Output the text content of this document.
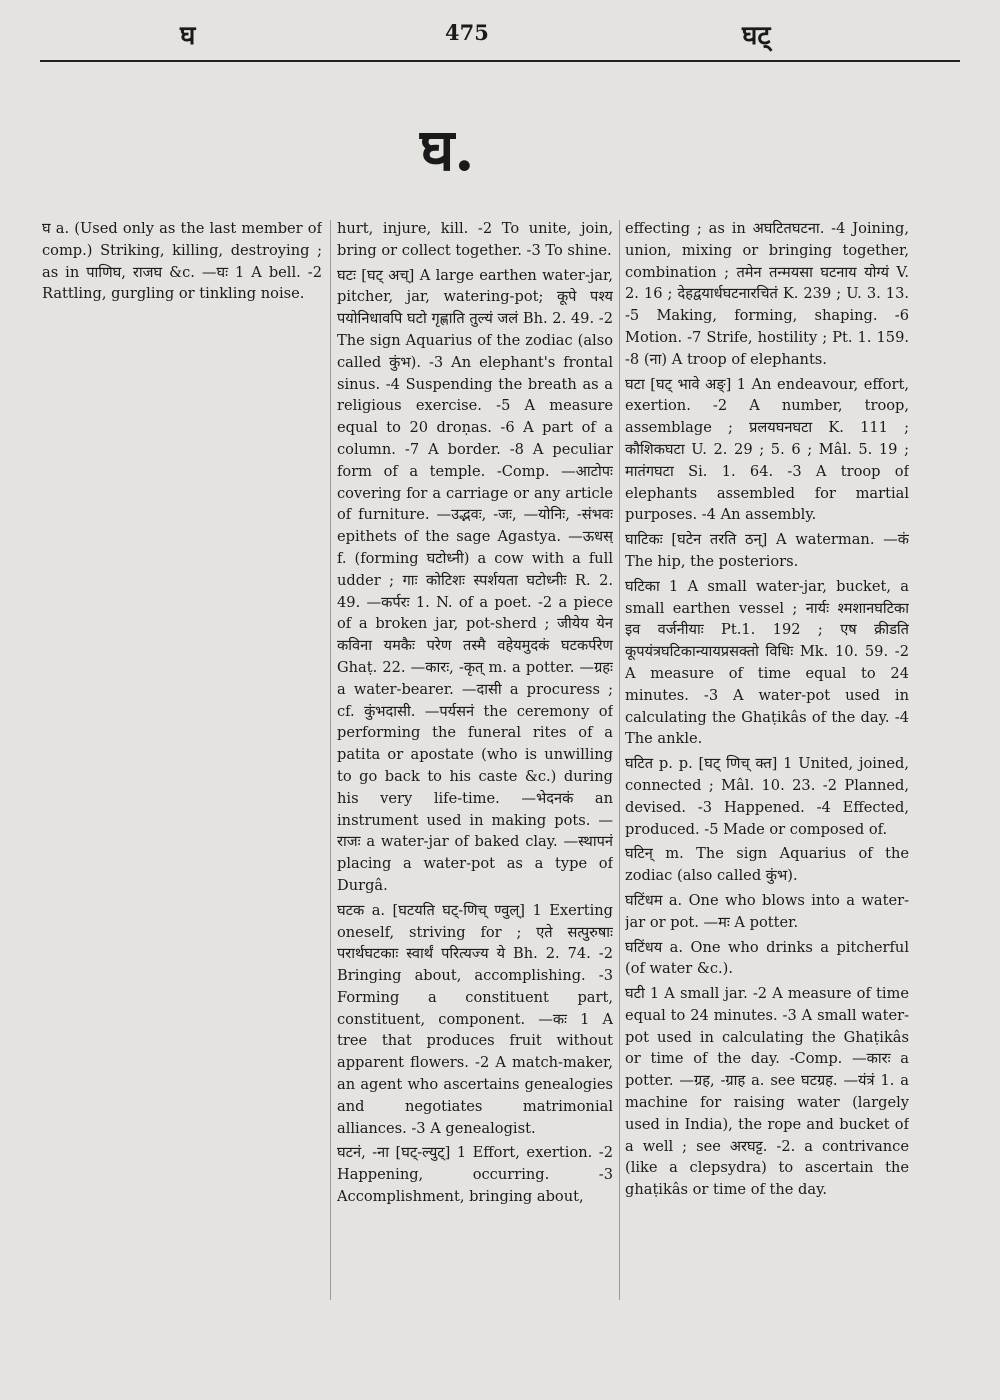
घ	475	घट्
घ.

घ a. (Used only as the last member of comp.) Striking, killing, destroying ; as in पाणिघ, राजघ &c. —घः 1 A bell. -2 Rattling, gurgling or tinkling noise.

hurt, injure, kill. -2 To unite, join, bring or collect together. -3 To shine.

घटः [घट् अच्] A large earthen water-jar, pitcher, jar, watering-pot; कूपे पश्य पयोनिधावपि घटो गृह्णाति तुल्यं जलं Bh. 2. 49. -2 The sign Aquarius of the zodiac (also called कुंभ). -3 An elephant's frontal sinus. -4 Suspending the breath as a religious exercise. -5 A measure equal to 20 droṇas. -6 A part of a column. -7 A border. -8 A peculiar form of a temple. -Comp. —आटोपः covering for a carriage or any article of furniture. —उद्भवः, -जः, —योनिः, -संभवः epithets of the sage Agastya. —ऊधस् f. (forming घटोध्नी) a cow with a full udder ; गाः कोटिशः स्पर्शयता घटोध्नीः R. 2. 49. —कर्परः 1. N. of a poet. -2 a piece of a broken jar, pot-sherd ; जीयेय येन कविना यमकैः परेण तस्मै वहेयमुदकं घटकर्परेण Ghaṭ. 22. —कारः, -कृत् m. a potter. —ग्रहः a water-bearer. —दासी a procuress ; cf. कुंभदासी. —पर्यसनं the ceremony of performing the funeral rites of a patita or apostate (who is unwilling to go back to his caste &c.) during his very life-time. —भेदनकं an instrument used in making pots. —राजः a water-jar of baked clay. —स्थापनं placing a water-pot as a type of Durgâ.

घटक a. [घटयति घट्-णिच् ण्वुल्] 1 Exerting oneself, striving for ; एते सत्पुरुषाः परार्थघटकाः स्वार्थं परित्यज्य ये Bh. 2. 74. -2 Bringing about, accomplishing. -3 Forming a constituent part, constituent, component. —कः 1 A tree that produces fruit without apparent flowers. -2 A match-maker, an agent who ascertains genealogies and negotiates matrimonial alliances. -3 A genealogist.

घटनं, -ना [घट्-ल्युट्] 1 Effort, exertion. -2 Happening, occurring. -3 Accomplishment, bringing about,

effecting ; as in अघटितघटना. -4 Joining, union, mixing or bringing together, combination ; तमेन तन्मयसा घटनाय योग्यं V. 2. 16 ; देहद्वयार्धघटनारचितं K. 239 ; U. 3. 13. -5 Making, forming, shaping. -6 Motion. -7 Strife, hostility ; Pt. 1. 159. -8 (ना) A troop of elephants.

घटा [घट् भावे अङ्] 1 An endeavour, effort, exertion. -2 A number, troop, assemblage ; प्रलयघनघटा K. 111 ; कौशिकघटा U. 2. 29 ; 5. 6 ; Mâl. 5. 19 ; मातंगघटा Si. 1. 64. -3 A troop of elephants assembled for martial purposes. -4 An assembly.

घाटिकः [घटेन तरति ठन्] A waterman. —कं The hip, the posteriors.

घटिका 1 A small water-jar, bucket, a small earthen vessel ; नार्यः श्मशानघटिका इव वर्जनीयाः Pt.1. 192 ; एष क्रीडति कूपयंत्रघटिकान्यायप्रसक्तो विधिः Mk. 10. 59. -2 A measure of time equal to 24 minutes. -3 A water-pot used in calculating the Ghaṭikâs of the day. -4 The ankle.

घटित p. p. [घट् णिच् क्त] 1 United, joined, connected ; Mâl. 10. 23. -2 Planned, devised. -3 Happened. -4 Effected, produced. -5 Made or composed of.

घटिन् m. The sign Aquarius of the zodiac (also called कुंभ).

घटिंधम a. One who blows into a water-jar or pot. —मः A potter.

घटिंधय a. One who drinks a pitcherful (of water &c.).

घटी 1 A small jar. -2 A measure of time equal to 24 minutes. -3 A small water-pot used in calculating the Ghaṭikâs or time of the day. -Comp. —कारः a potter. —ग्रह, -ग्राह a. see घटग्रह. —यंत्रं 1. a machine for raising water (largely used in India), the rope and bucket of a well ; see अरघट्ट. -2. a contrivance (like a clepsydra) to ascertain the ghaṭikâs or time of the day.
